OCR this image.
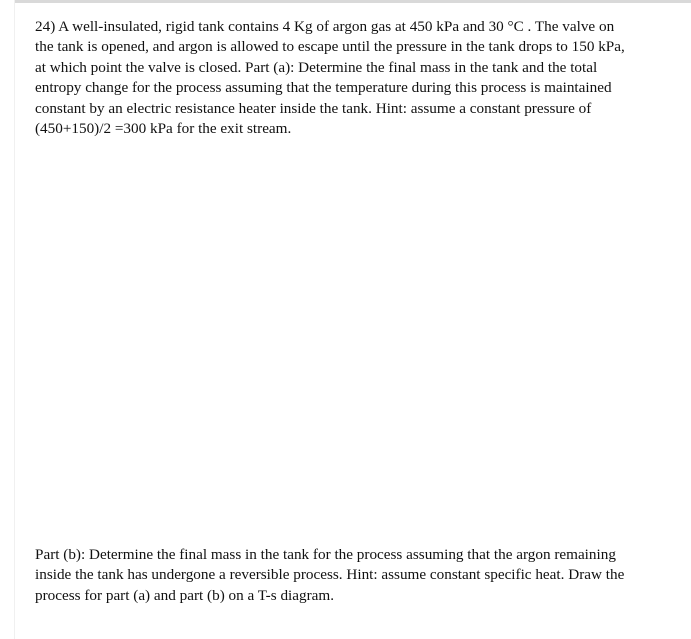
24) A well-insulated, rigid tank contains 4 Kg of argon gas at 450 kPa and 30 °C . The valve on
the tank is opened, and argon is allowed to escape until the pressure in the tank drops to 150 kPa,
at which point the valve is closed. Part (a): Determine the final mass in the tank and the total
entropy change for the process assuming that the temperature during this process is maintained
constant by an electric resistance heater inside the tank. Hint: assume a constant pressure of
(450+150)/2 =300 kPa for the exit stream.
Part (b): Determine the final mass in the tank for the process assuming that the argon remaining
inside the tank has undergone a reversible process. Hint: assume constant specific heat. Draw the
process for part (a) and part (b) on a T-s diagram.
